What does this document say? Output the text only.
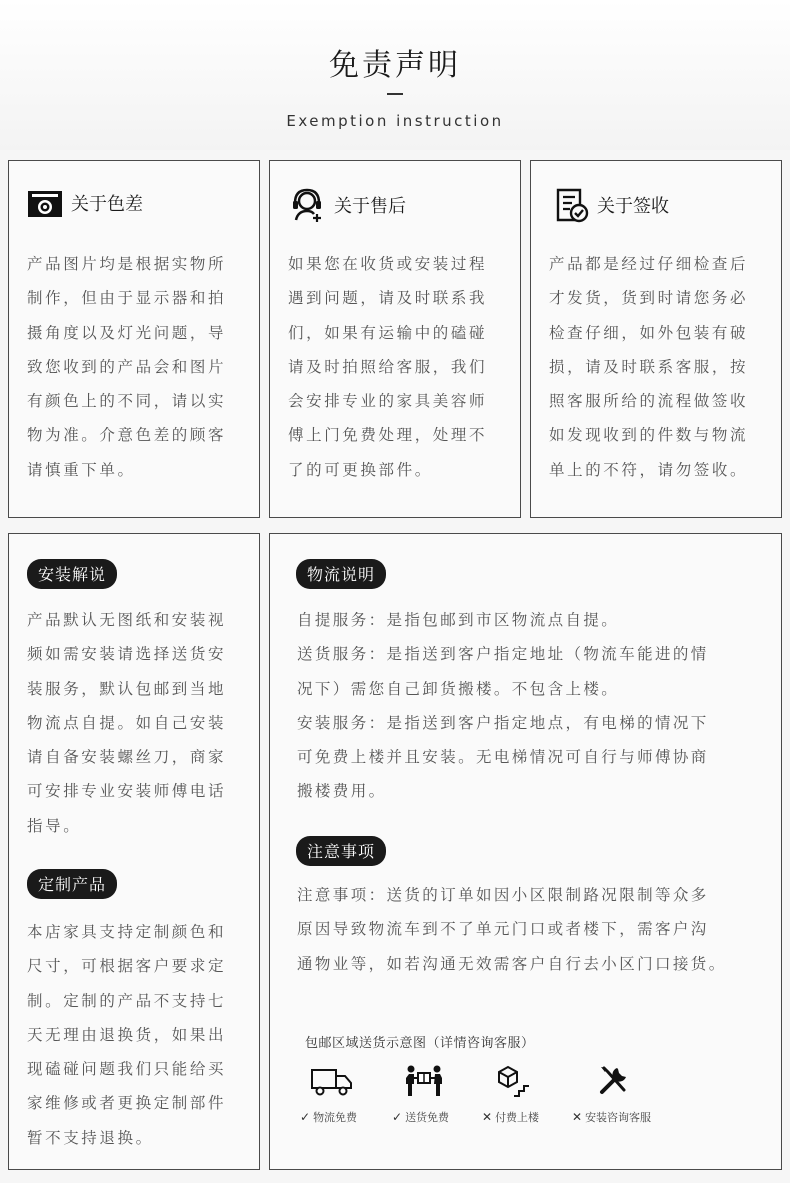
免责声明
Exemption instruction
关于色差
产品图片均是根据实物所
制作，但由于显示器和拍
摄角度以及灯光问题，导
致您收到的产品会和图片
有颜色上的不同，请以实
物为准。介意色差的顾客
请慎重下单。
关于售后
如果您在收货或安装过程
遇到问题，请及时联系我
们，如果有运输中的磕碰
请及时拍照给客服，我们
会安排专业的家具美容师
傅上门免费处理，处理不
了的可更换部件。
关于签收
产品都是经过仔细检查后
才发货，货到时请您务必
检查仔细，如外包装有破
损，请及时联系客服，按
照客服所给的流程做签收
如发现收到的件数与物流
单上的不符，请勿签收。
安装解说
产品默认无图纸和安装视
频如需安装请选择送货安
装服务，默认包邮到当地
物流点自提。如自己安装
请自备安装螺丝刀，商家
可安排专业安装师傅电话
指导。
定制产品
本店家具支持定制颜色和
尺寸，可根据客户要求定
制。定制的产品不支持七
天无理由退换货，如果出
现磕碰问题我们只能给买
家维修或者更换定制部件
暂不支持退换。
物流说明
自提服务：是指包邮到市区物流点自提。
送货服务：是指送到客户指定地址（物流车能进的情
况下）需您自己卸货搬楼。不包含上楼。
安装服务：是指送到客户指定地点，有电梯的情况下
可免费上楼并且安装。无电梯情况可自行与师傅协商
搬楼费用。
注意事项
注意事项：送货的订单如因小区限制路况限制等众多
原因导致物流车到不了单元门口或者楼下，需客户沟
通物业等，如若沟通无效需客户自行去小区门口接货。
包邮区域送货示意图（详情咨询客服）
✓ 物流免费	✓ 送货免费	✕ 付费上楼	✕ 安装咨询客服
